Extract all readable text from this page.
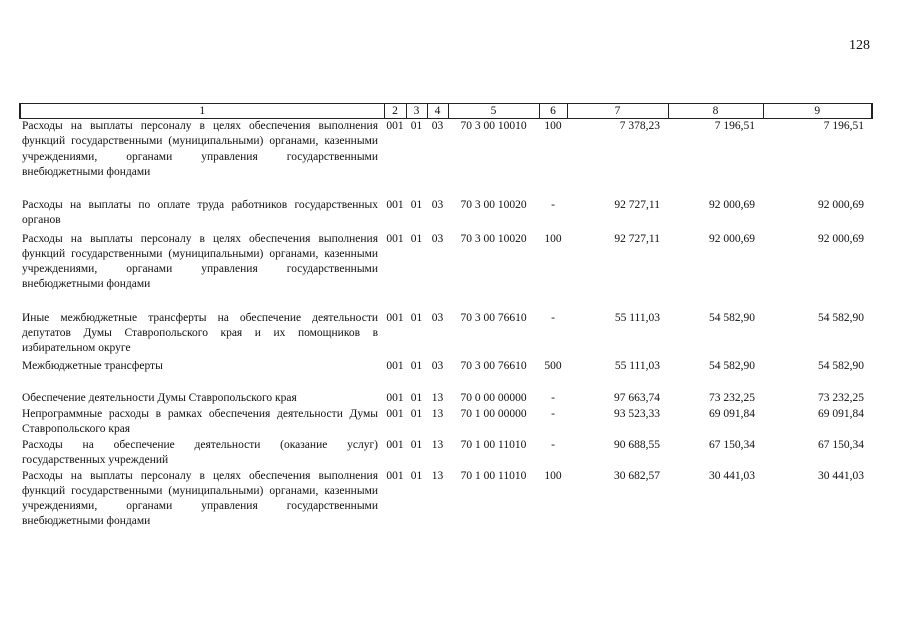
128
1	2	3	4	5	6	7	8	9
Расходы на выплаты персоналу в целях обеспечения выполнения функций государственными (муниципальными) органами, казенными учреждениями, органами управления государственными внебюджетными фондами	001	01	03	70 3 00 10010	100	7 378,23	7 196,51	7 196,51
Расходы на выплаты по оплате труда работников государственных органов	001	01	03	70 3 00 10020	-	92 727,11	92 000,69	92 000,69
Расходы на выплаты персоналу в целях обеспечения выполнения функций государственными (муниципальными) органами, казенными учреждениями, органами управления государственными внебюджетными фондами	001	01	03	70 3 00 10020	100	92 727,11	92 000,69	92 000,69
Иные межбюджетные трансферты на обеспечение деятельности депутатов Думы Ставропольского края и их помощников в избирательном округе	001	01	03	70 3 00 76610	-	55 111,03	54 582,90	54 582,90
Межбюджетные трансферты	001	01	03	70 3 00 76610	500	55 111,03	54 582,90	54 582,90
Обеспечение деятельности Думы Ставропольского края	001	01	13	70 0 00 00000	-	97 663,74	73 232,25	73 232,25
Непрограммные расходы в рамках обеспечения деятельности Думы Ставропольского края	001	01	13	70 1 00 00000	-	93 523,33	69 091,84	69 091,84
Расходы на обеспечение деятельности (оказание услуг) государственных учреждений	001	01	13	70 1 00 11010	-	90 688,55	67 150,34	67 150,34
Расходы на выплаты персоналу в целях обеспечения выполнения функций государственными (муниципальными) органами, казенными учреждениями, органами управления государственными внебюджетными фондами	001	01	13	70 1 00 11010	100	30 682,57	30 441,03	30 441,03
